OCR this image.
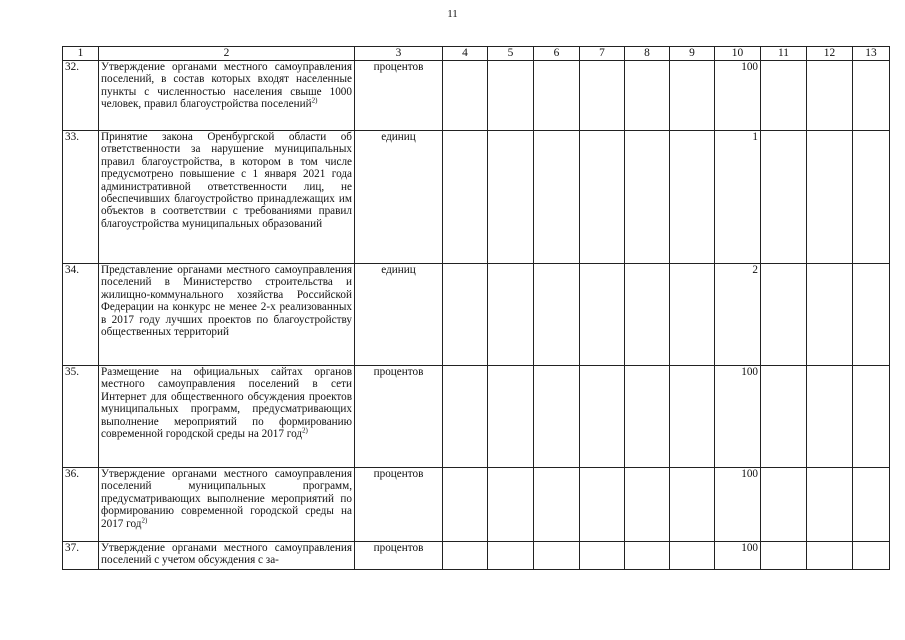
11
1	2	3	4	5	6	7	8	9	10	11	12	13
32.	Утверждение органами местного самоуправления поселений, в состав которых входят населенные пункты с численностью населения свыше 1000 человек, правил благоустройства поселений$^{2)}$	процентов							100			
33.	Принятие закона Оренбургской области об ответственности за нарушение муниципальных правил благоустройства, в котором в том числе предусмотрено повышение с 1 января 2021 года административной ответственности лиц, не обеспечивших благоустройство принадлежащих им объектов в соответствии с требованиями правил благоустройства муниципальных образований	единиц							1			
34.	Представление органами местного самоуправления поселений в Министерство строительства и жилищно-коммунального хозяйства Российской Федерации на конкурс не менее 2-х реализованных в 2017 году лучших проектов по благоустройству общественных территорий	единиц							2			
35.	Размещение на официальных сайтах органов местного самоуправления поселений в сети Интернет для общественного обсуждения проектов муниципальных программ, предусматривающих выполнение мероприятий по формированию современной городской среды на 2017 год$^{2)}$	процентов							100			
36.	Утверждение органами местного самоуправления поселений муниципальных программ, предусматривающих выполнение мероприятий по формированию современной городской среды на 2017 год$^{2)}$	процентов							100			
37.	Утверждение органами местного самоуправления поселений с учетом обсуждения с за-	процентов							100			
